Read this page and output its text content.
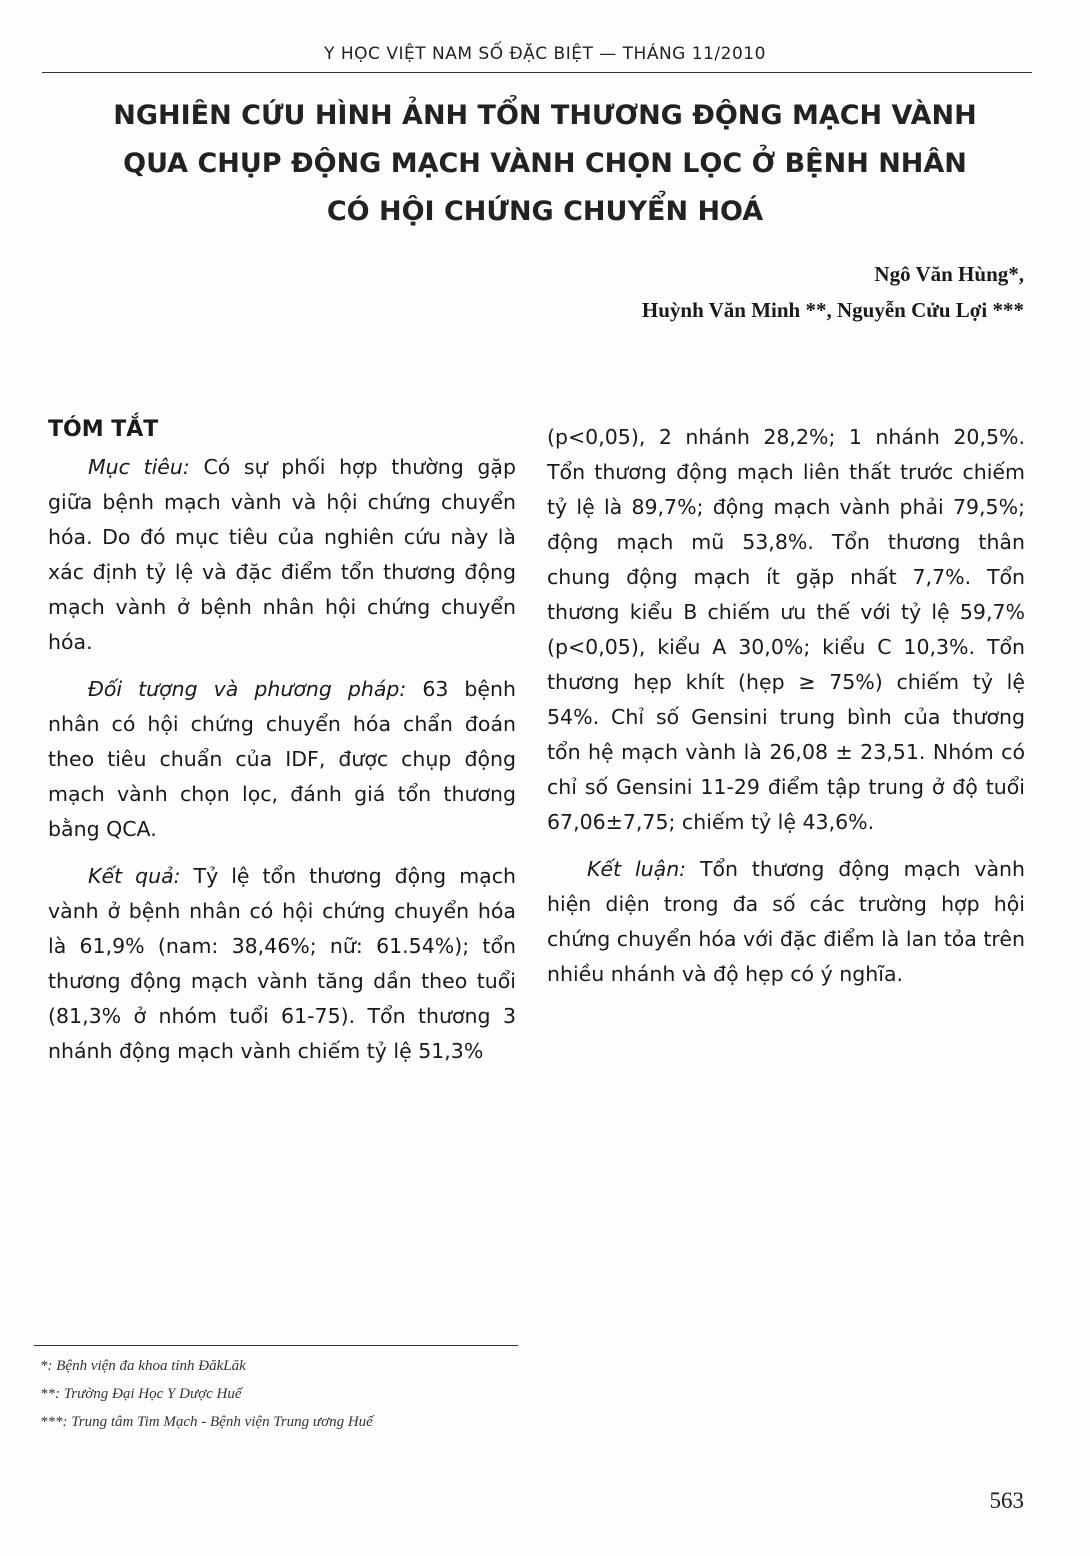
Y HỌC VIỆT NAM SỐ ĐẶC BIỆT — THÁNG 11/2010
NGHIÊN CỨU HÌNH ẢNH TỔN THƯƠNG ĐỘNG MẠCH VÀNH
QUA CHỤP ĐỘNG MẠCH VÀNH CHỌN LỌC Ở BỆNH NHÂN
CÓ HỘI CHỨNG CHUYỂN HOÁ
Ngô Văn Hùng*,
Huỳnh Văn Minh **, Nguyễn Cửu Lợi ***
TÓM TẮT

Mục tiêu: Có sự phối hợp thường gặp giữa bệnh mạch vành và hội chứng chuyển hóa. Do đó mục tiêu của nghiên cứu này là xác định tỷ lệ và đặc điểm tổn thương động mạch vành ở bệnh nhân hội chứng chuyển hóa.

Đối tượng và phương pháp: 63 bệnh nhân có hội chứng chuyển hóa chẩn đoán theo tiêu chuẩn của IDF, được chụp động mạch vành chọn lọc, đánh giá tổn thương bằng QCA.

Kết quả: Tỷ lệ tổn thương động mạch vành ở bệnh nhân có hội chứng chuyển hóa là 61,9% (nam: 38,46%; nữ: 61.54%); tổn thương động mạch vành tăng dần theo tuổi (81,3% ở nhóm tuổi 61-75). Tổn thương 3 nhánh động mạch vành chiếm tỷ lệ 51,3%

(p<0,05), 2 nhánh 28,2%; 1 nhánh 20,5%. Tổn thương động mạch liên thất trước chiếm tỷ lệ là 89,7%; động mạch vành phải 79,5%; động mạch mũ 53,8%. Tổn thương thân chung động mạch ít gặp nhất 7,7%. Tổn thương kiểu B chiếm ưu thế với tỷ lệ 59,7% (p<0,05), kiểu A 30,0%; kiểu C 10,3%. Tổn thương hẹp khít (hẹp ≥ 75%) chiếm tỷ lệ 54%. Chỉ số Gensini trung bình của thương tổn hệ mạch vành là 26,08 ± 23,51. Nhóm có chỉ số Gensini 11-29 điểm tập trung ở độ tuổi 67,06±7,75; chiếm tỷ lệ 43,6%.

Kết luận: Tổn thương động mạch vành hiện diện trong đa số các trường hợp hội chứng chuyển hóa với đặc điểm là lan tỏa trên nhiều nhánh và độ hẹp có ý nghĩa.

*: Bệnh viện đa khoa tỉnh ĐăkLăk
**: Trường Đại Học Y Dược Huế
***: Trung tâm Tim Mạch - Bệnh viện Trung ương Huế
563
